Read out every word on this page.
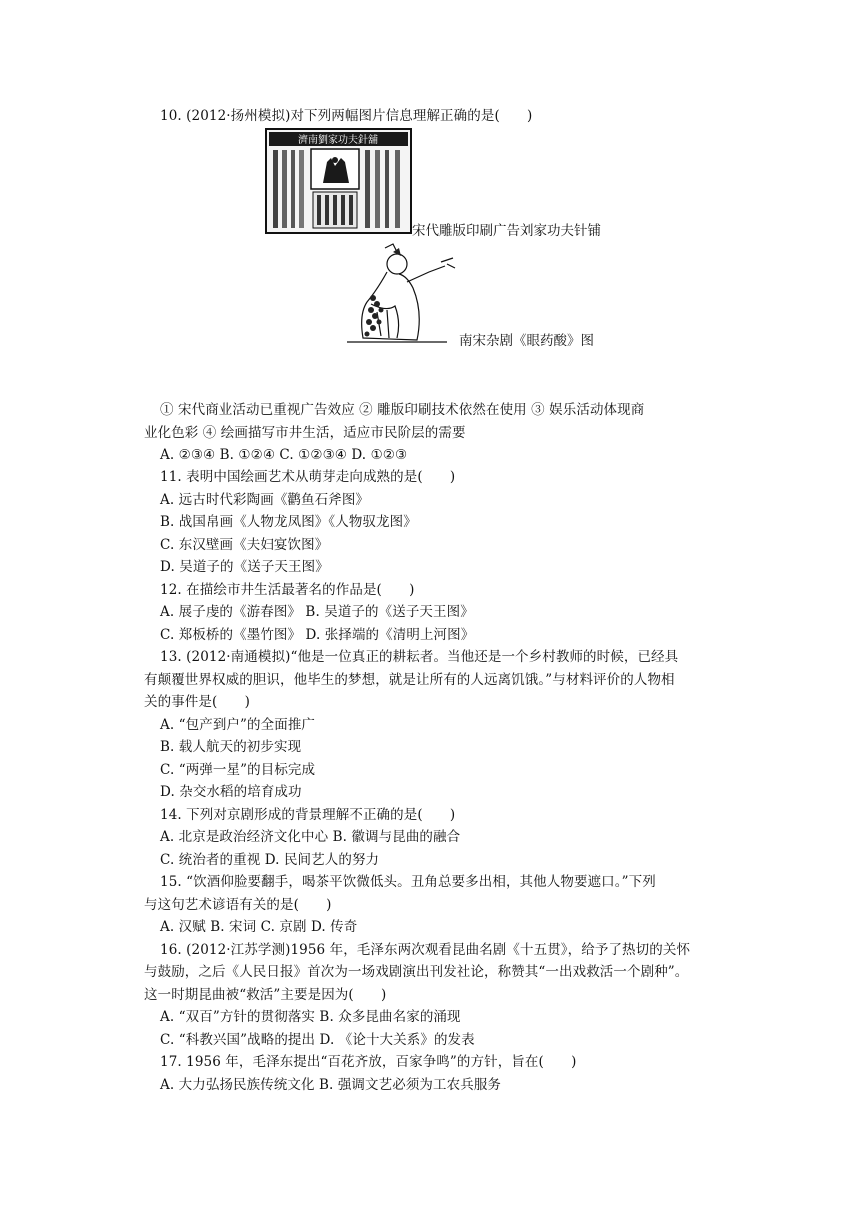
10. (2012·扬州模拟)对下列两幅图片信息理解正确的是(　　)
濟南劉家功夫針舖
宋代雕版印刷广告刘家功夫针铺
南宋杂剧《眼药酸》图
① 宋代商业活动已重视广告效应 ② 雕版印刷技术依然在使用 ③ 娱乐活动体现商
业化色彩 ④ 绘画描写市井生活，适应市民阶层的需要
A. ②③④ B. ①②④ C. ①②③④ D. ①②③
11. 表明中国绘画艺术从萌芽走向成熟的是(　　)
A. 远古时代彩陶画《鹳鱼石斧图》
B. 战国帛画《人物龙凤图》《人物驭龙图》
C. 东汉壁画《夫妇宴饮图》
D. 吴道子的《送子天王图》
12. 在描绘市井生活最著名的作品是(　　)
A. 展子虔的《游春图》 B. 吴道子的《送子天王图》
C. 郑板桥的《墨竹图》 D. 张择端的《清明上河图》
13. (2012·南通模拟)“他是一位真正的耕耘者。当他还是一个乡村教师的时候，已经具
有颠覆世界权威的胆识，他毕生的梦想，就是让所有的人远离饥饿。”与材料评价的人物相
关的事件是(　　)
A. “包产到户”的全面推广
B. 载人航天的初步实现
C. “两弹一星”的目标完成
D. 杂交水稻的培育成功
14. 下列对京剧形成的背景理解不正确的是(　　)
A. 北京是政治经济文化中心 B. 徽调与昆曲的融合
C. 统治者的重视 D. 民间艺人的努力
15. “饮酒仰脸要翻手，喝茶平饮微低头。丑角总要多出相，其他人物要遮口。”下列
与这句艺术谚语有关的是(　　)
A. 汉赋 B. 宋词 C. 京剧 D. 传奇
16. (2012·江苏学测)1956 年，毛泽东两次观看昆曲名剧《十五贯》，给予了热切的关怀
与鼓励，之后《人民日报》首次为一场戏剧演出刊发社论，称赞其“一出戏救活一个剧种”。
这一时期昆曲被“救活”主要是因为(　　)
A. “双百”方针的贯彻落实 B. 众多昆曲名家的涌现
C. “科教兴国”战略的提出 D. 《论十大关系》的发表
17. 1956 年，毛泽东提出“百花齐放，百家争鸣”的方针，旨在(　　)
A. 大力弘扬民族传统文化 B. 强调文艺必须为工农兵服务
